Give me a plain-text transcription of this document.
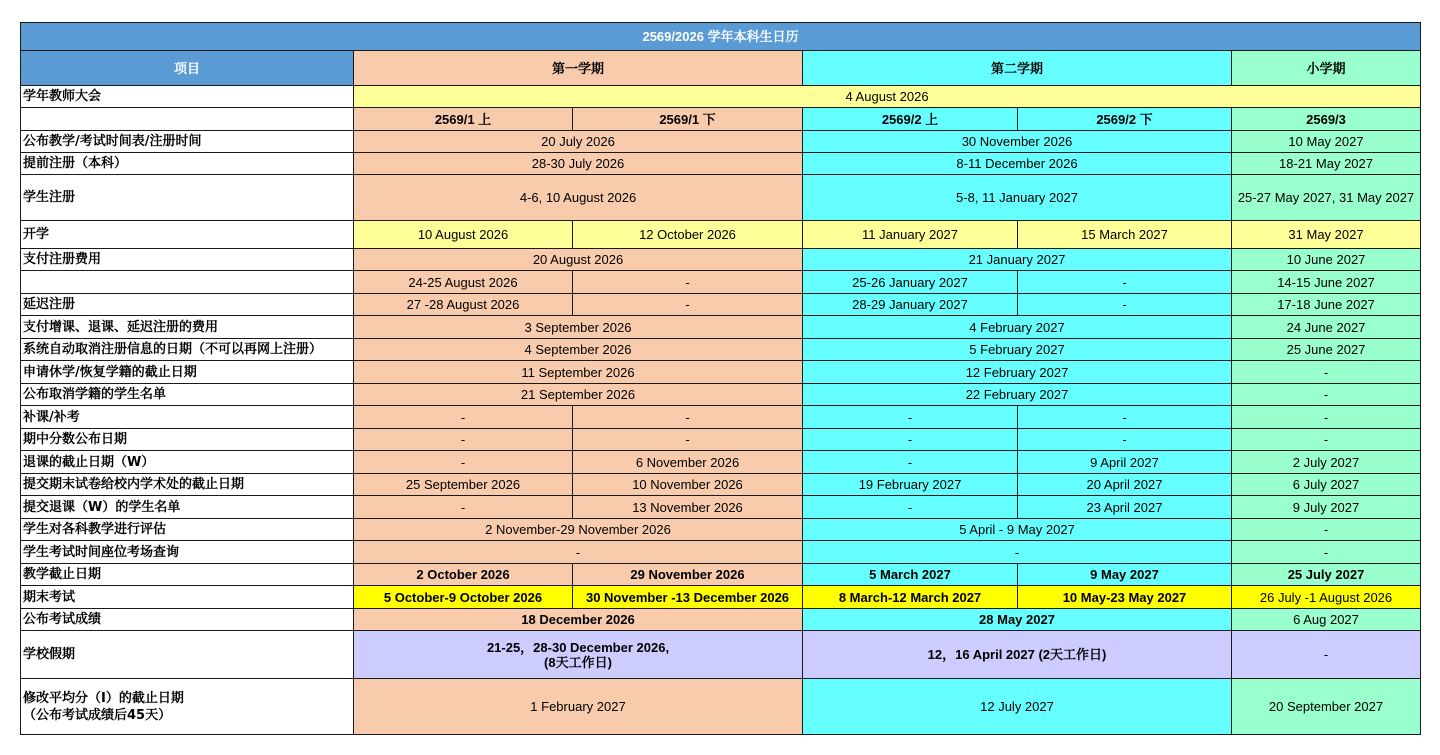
2569/2026 学年本科生日历					
项目	第一学期		第二学期		小学期
学年教师大会	4 August 2026				
	2569/1 上	2569/1 下	2569/2 上	2569/2 下	2569/3
公布教学/考试时间表/注册时间	20 July 2026		30 November 2026		10 May 2027
提前注册（本科）	28-30 July 2026		8-11 December 2026		18-21 May 2027
学生注册	4-6, 10 August 2026		5-8, 11 January 2027		25-27 May 2027, 31 May 2027
开学	10 August 2026	12 October 2026	11 January 2027	15 March 2027	31 May 2027
支付注册费用	20 August 2026		21 January 2027		10 June 2027
	24-25 August 2026	-	25-26 January 2027	-	14-15 June 2027
延迟注册	27 -28 August 2026	-	28-29 January 2027	-	17-18 June 2027
支付增课、退课、延迟注册的费用	3 September 2026		4 February 2027		24 June 2027
系统自动取消注册信息的日期（不可以再网上注册）	4 September 2026		5 February 2027		25 June 2027
申请休学/恢复学籍的截止日期	11 September 2026		12 February 2027		-
公布取消学籍的学生名单	21 September 2026		22 February 2027		-
补课/补考	-	-	-	-	-
期中分数公布日期	-	-	-	-	-
退课的截止日期（W）	-	6 November 2026	-	9 April 2027	2 July 2027
提交期末试卷给校内学术处的截止日期	25 September 2026	10 November 2026	19 February 2027	20 April 2027	6 July 2027
提交退课（W）的学生名单	-	13 November 2026	-	23 April 2027	9 July 2027
学生对各科教学进行评估	2 November-29 November 2026		5 April - 9 May 2027		-
学生考试时间座位考场查询	-		-		-
教学截止日期	2 October 2026	29 November 2026	5 March 2027	9 May 2027	25 July 2027
期末考试	5 October-9 October 2026	30 November -13 December 2026	8 March-12 March 2027	10 May-23 May 2027	26 July -1 August 2026
公布考试成绩	18 December 2026		28 May 2027		6 Aug 2027
学校假期	21-25，28-30 December 2026,
(8天工作日)		12，16 April 2027 (2天工作日)		-

修改平均分（I）的截止日期
（公布考试成绩后45天）	1 February 2027		12 July 2027		20 September 2027
